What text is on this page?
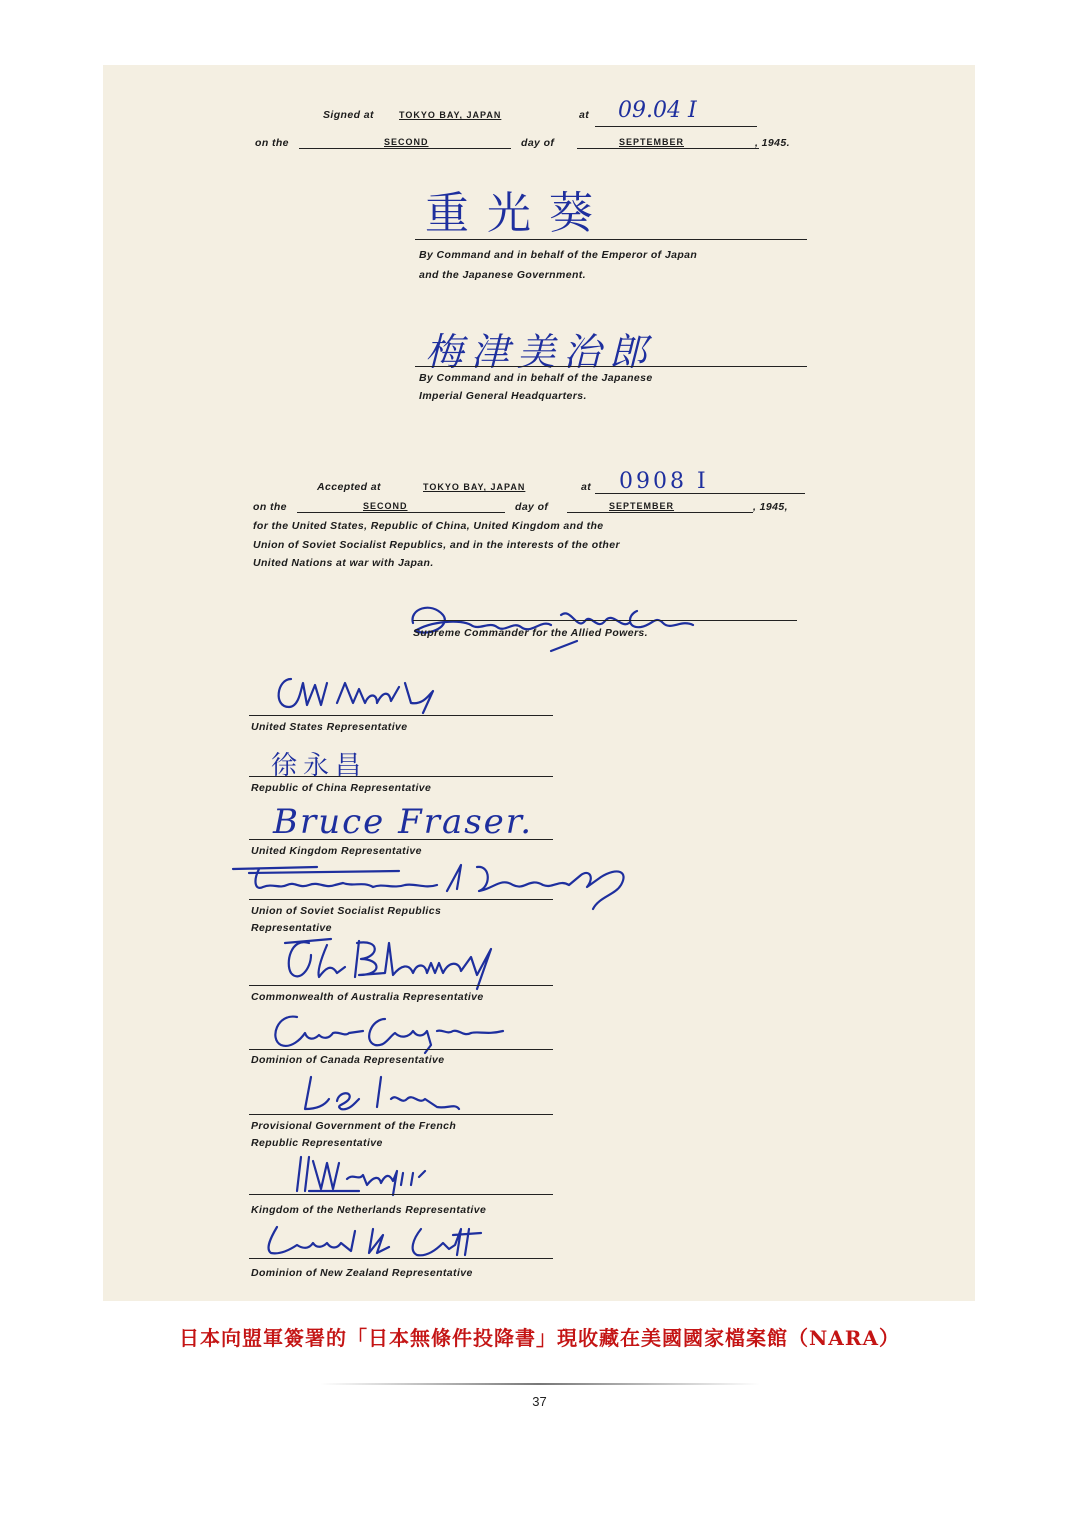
Signed at	TOKYO BAY, JAPAN	at 09.04 I
on the	SECOND	day of	SEPTEMBER	, 1945.
重光葵
By Command and in behalf of the Emperor of Japan
and the Japanese Government.
梅津美治郎
By Command and in behalf of the Japanese
Imperial General Headquarters.
Accepted at	TOKYO BAY, JAPAN	at 0908 I
on the	SECOND	day of	SEPTEMBER	, 1945,
for the United States, Republic of China, United Kingdom and the
Union of Soviet Socialist Republics, and in the interests of the other
United Nations at war with Japan.
Supreme Commander for the Allied Powers.
United States Representative
徐永昌
Republic of China Representative
Bruce Fraser.
United Kingdom Representative
Union of Soviet Socialist Republics
Representative
Commonwealth of Australia Representative
Dominion of Canada Representative
Provisional Government of the French
Republic Representative
Kingdom of the Netherlands Representative
Dominion of New Zealand Representative
日本向盟軍簽署的「日本無條件投降書」現收藏在美國國家檔案館（NARA）
37
